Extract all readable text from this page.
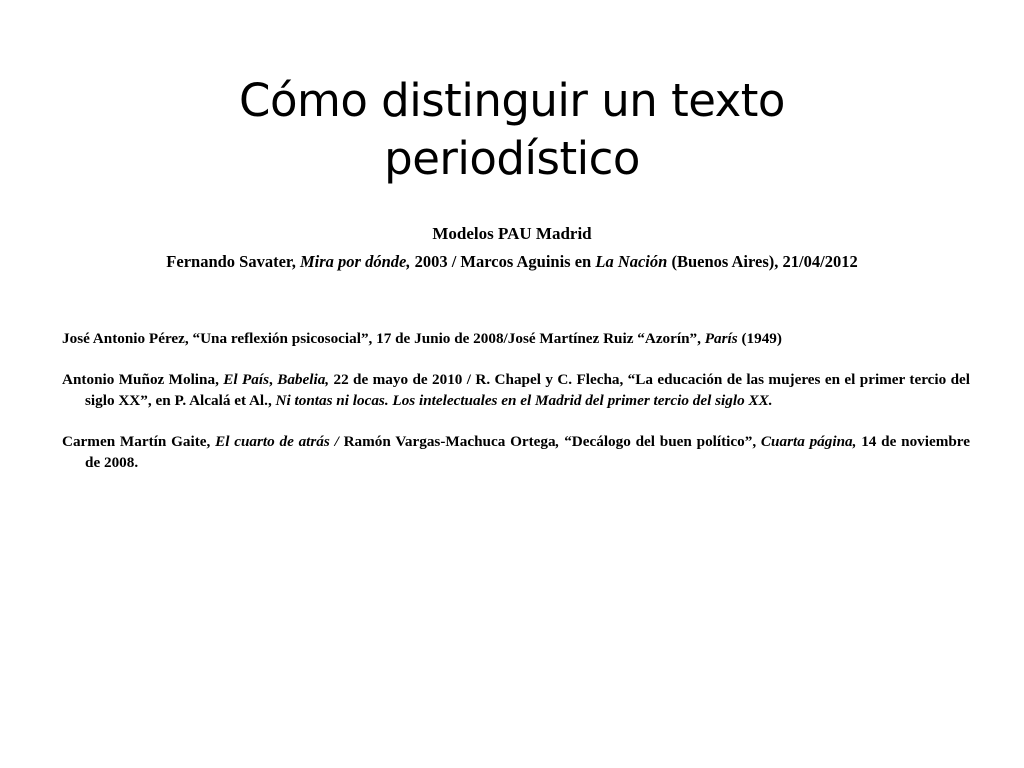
Cómo distinguir un texto periodístico

Modelos PAU Madrid

Fernando Savater, Mira por dónde, 2003 / Marcos Aguinis en La Nación (Buenos Aires), 21/04/2012

José Antonio Pérez, “Una reflexión psicosocial”, 17 de Junio de 2008/José Martínez Ruiz “Azorín”, París (1949)
Antonio Muñoz Molina, El País, Babelia, 22 de mayo de 2010 / R. Chapel y C. Flecha, “La educación de las mujeres en el primer tercio del siglo XX”, en P. Alcalá et Al., Ni tontas ni locas. Los intelectuales en el Madrid del primer tercio del siglo XX.
Carmen Martín Gaite, El cuarto de atrás / Ramón Vargas-Machuca Ortega, “Decálogo del buen político”, Cuarta página, 14 de noviembre de 2008.
